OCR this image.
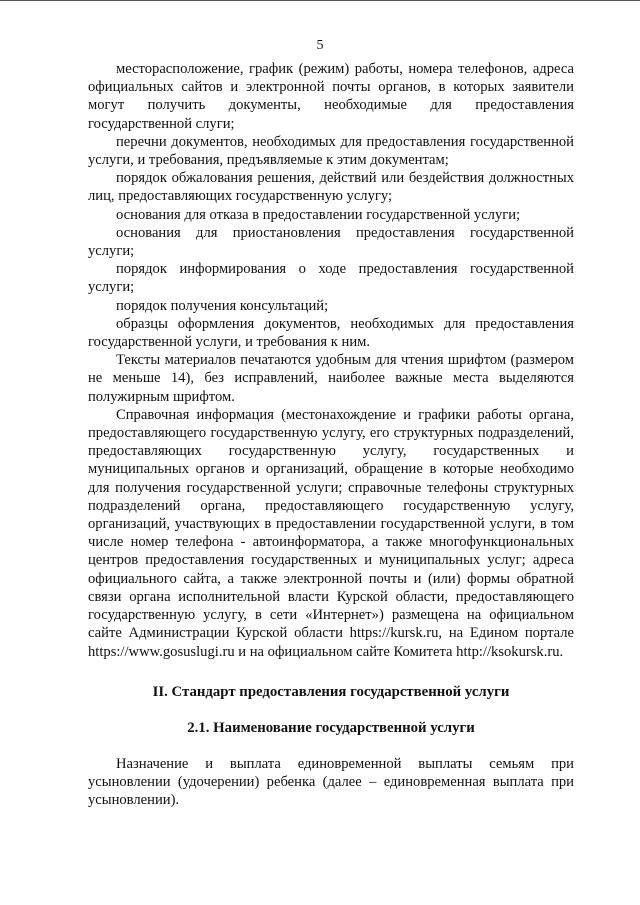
5

месторасположение, график (режим) работы, номера телефонов, адреса официальных сайтов и электронной почты органов, в которых заявители могут получить документы, необходимые для предоставления государственной слуги;

перечни документов, необходимых для предоставления государственной услуги, и требования, предъявляемые к этим документам;

порядок обжалования решения, действий или бездействия должностных лиц, предоставляющих государственную услугу;

основания для отказа в предоставлении государственной услуги;

основания для приостановления предоставления государственной услуги;

порядок информирования о ходе предоставления государственной услуги;

порядок получения консультаций;

образцы оформления документов, необходимых для предоставления государственной услуги, и требования к ним.

Тексты материалов печатаются удобным для чтения шрифтом (размером не меньше 14), без исправлений, наиболее важные места выделяются полужирным шрифтом.

Справочная информация (местонахождение и графики работы органа, предоставляющего государственную услугу, его структурных подразделений, предоставляющих государственную услугу, государственных и муниципальных органов и организаций, обращение в которые необходимо для получения государственной услуги; справочные телефоны структурных подразделений органа, предоставляющего государственную услугу, организаций, участвующих в предоставлении государственной услуги, в том числе номер телефона - автоинформатора, а также многофункциональных центров предоставления государственных и муниципальных услуг; адреса официального сайта, а также электронной почты и (или) формы обратной связи органа исполнительной власти Курской области, предоставляющего государственную услугу, в сети «Интернет») размещена на официальном сайте Администрации Курской области https://kursk.ru, на Едином портале https://www.gosuslugi.ru и на официальном сайте Комитета http://ksokursk.ru.

II. Стандарт предоставления государственной услуги
2.1. Наименование государственной услуги

Назначение и выплата единовременной выплаты семьям при усыновлении (удочерении) ребенка (далее – единовременная выплата при усыновлении).
